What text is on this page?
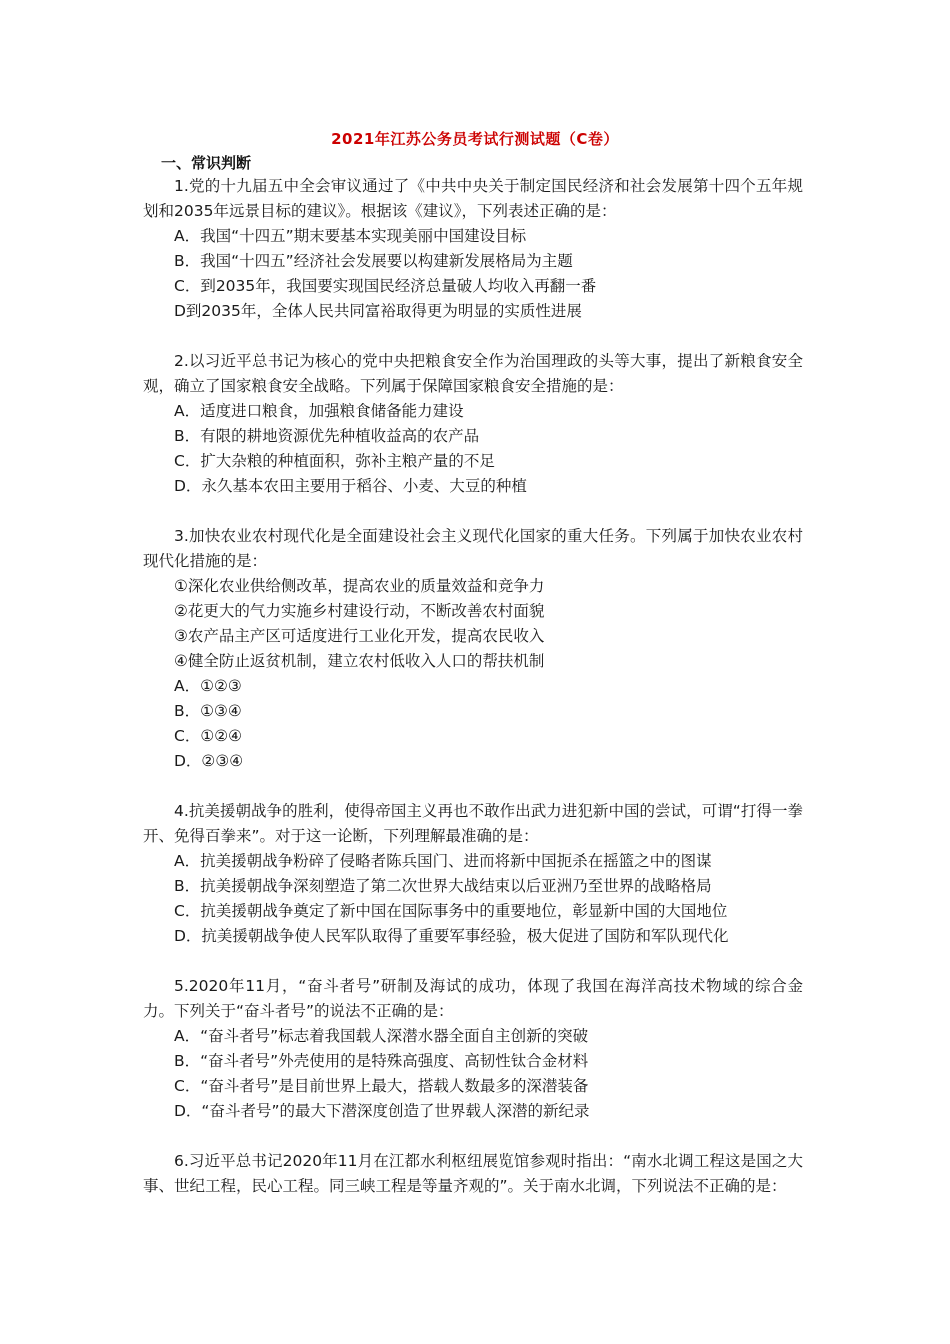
2021年江苏公务员考试行测试题（C卷）
一、常识判断

1.党的十九届五中全会审议通过了《中共中央关于制定国民经济和社会发展第十四个五年规划和2035年远景目标的建议》。根据该《建议》，下列表述正确的是：

A．我国“十四五”期末要基本实现美丽中国建设目标

B．我国“十四五”经济社会发展要以构建新发展格局为主题

C．到2035年，我国要实现国民经济总量破人均收入再翻一番

D到2035年，全体人民共同富裕取得更为明显的实质性进展

2.以习近平总书记为核心的党中央把粮食安全作为治国理政的头等大事，提出了新粮食安全观，确立了国家粮食安全战略。下列属于保障国家粮食安全措施的是：

A．适度进口粮食，加强粮食储备能力建设

B．有限的耕地资源优先种植收益高的农产品

C．扩大杂粮的种植面积，弥补主粮产量的不足

D．永久基本农田主要用于稻谷、小麦、大豆的种植

3.加快农业农村现代化是全面建设社会主义现代化国家的重大任务。下列属于加快农业农村现代化措施的是：

①深化农业供给侧改革，提高农业的质量效益和竞争力

②花更大的气力实施乡村建设行动，不断改善农村面貌

③农产品主产区可适度进行工业化开发，提高农民收入

④健全防止返贫机制，建立农村低收入人口的帮扶机制

A．①②③

B．①③④

C．①②④

D．②③④

4.抗美援朝战争的胜利，使得帝国主义再也不敢作出武力进犯新中国的尝试，可谓“打得一拳开、免得百拳来”。对于这一论断，下列理解最准确的是：

A．抗美援朝战争粉碎了侵略者陈兵国门、进而将新中国扼杀在摇篮之中的图谋

B．抗美援朝战争深刻塑造了第二次世界大战结束以后亚洲乃至世界的战略格局

C．抗美援朝战争奠定了新中国在国际事务中的重要地位，彰显新中国的大国地位

D．抗美援朝战争使人民军队取得了重要军事经验，极大促进了国防和军队现代化

5.2020年11月，“奋斗者号”研制及海试的成功，体现了我国在海洋高技术物域的综合金力。下列关于“奋斗者号”的说法不正确的是：

A．“奋斗者号”标志着我国载人深潜水器全面自主创新的突破

B．“奋斗者号”外壳使用的是特殊高强度、高韧性钛合金材料

C．“奋斗者号”是目前世界上最大，搭载人数最多的深潜装备

D．“奋斗者号”的最大下潜深度创造了世界载人深潜的新纪录

6.习近平总书记2020年11月在江都水利枢纽展览馆参观时指出：“南水北调工程这是国之大事、世纪工程，民心工程。同三峡工程是等量齐观的”。关于南水北调，下列说法不正确的是：
